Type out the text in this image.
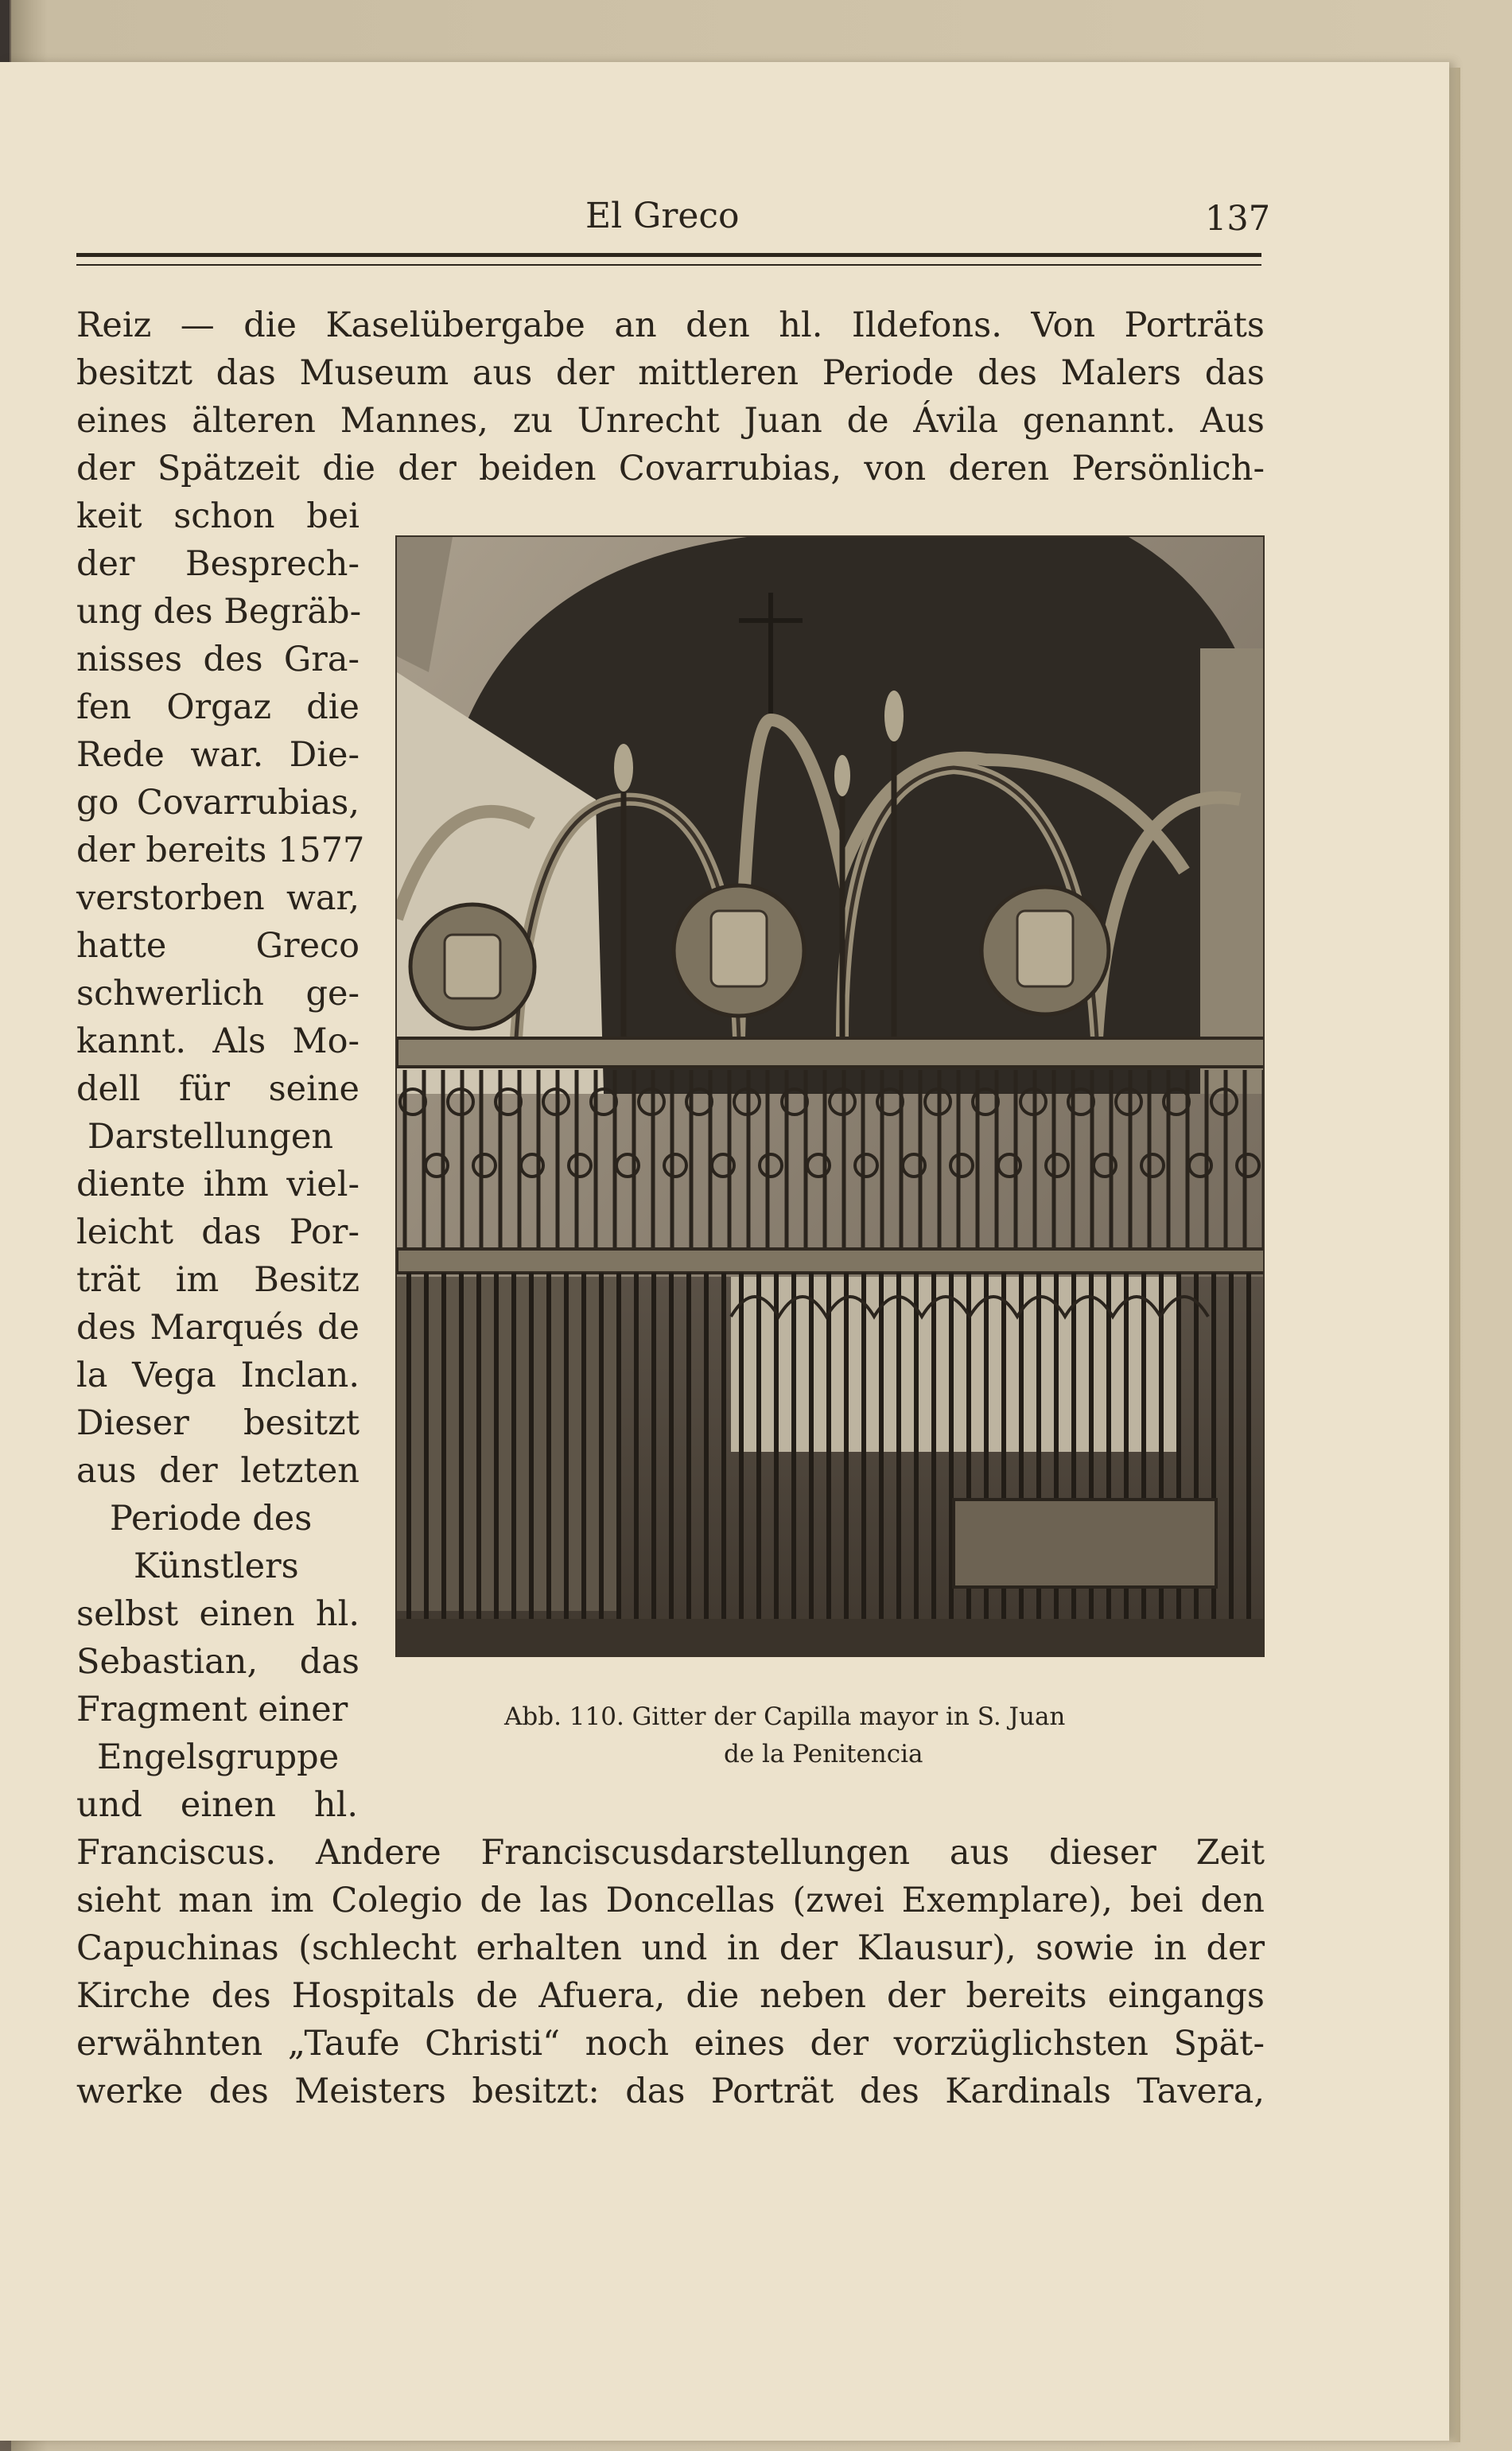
El Greco	137
Reiz — die Kaselübergabe an den hl. Ildefons. Von Porträts
besitzt das Museum aus der mittleren Periode des Malers das
eines älteren Mannes, zu Unrecht Juan de Ávila genannt. Aus
der Spätzeit die der beiden Covarrubias, von deren Persönlich-
keit schon bei
der Besprech-
ung des Begräb-
nisses des Gra-
fen Orgaz die
Rede war. Die-
go Covarrubias,
der bereits 1577
verstorben war,
hatte Greco
schwerlich ge-
kannt. Als Mo-
dell für seine
Darstellungen
diente ihm viel-
leicht das Por-
trät im Besitz
des Marqués de
la Vega Inclan.
Dieser besitzt
aus der letzten
Periode des
Künstlers
selbst einen hl.
Sebastian, das
Fragment einer
Engelsgruppe
und einen hl.
Franciscus. Andere Franciscusdarstellungen aus dieser Zeit
sieht man im Colegio de las Doncellas (zwei Exemplare), bei den
Capuchinas (schlecht erhalten und in der Klausur), sowie in der
Kirche des Hospitals de Afuera, die neben der bereits eingangs
erwähnten „Taufe Christi“ noch eines der vorzüglichsten Spät-
werke des Meisters besitzt: das Porträt des Kardinals Tavera,
Abb. 110. Gitter der Capilla mayor in S. Juan
de la Penitencia
